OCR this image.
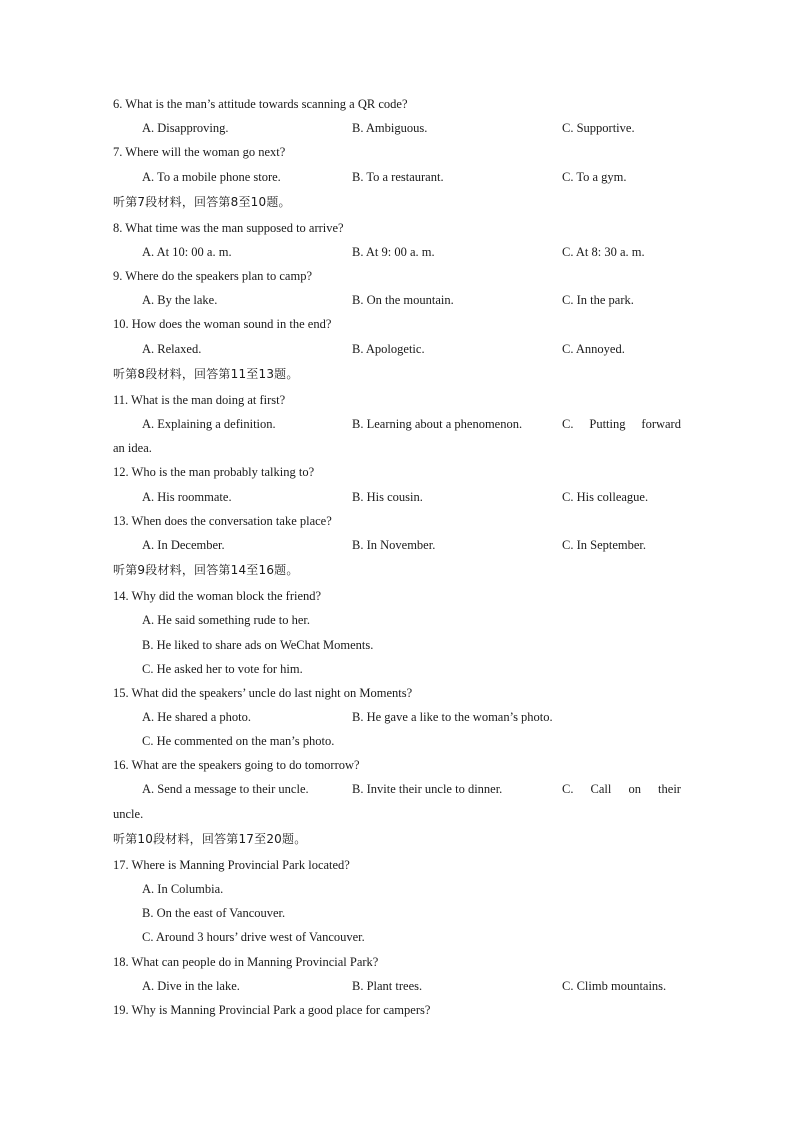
6. What is the man’s attitude towards scanning a QR code?
A. Disapproving.	B. Ambiguous.	C. Supportive.
7. Where will the woman go next?
A. To a mobile phone store.	B. To a restaurant.	C. To a gym.
听第7段材料，回答第8至10题。
8. What time was the man supposed to arrive?
A. At 10: 00 a. m.	B. At 9: 00 a. m.	C. At 8: 30 a. m.
9. Where do the speakers plan to camp?
A. By the lake.	B. On the mountain.	C. In the park.
10. How does the woman sound in the end?
A. Relaxed.	B. Apologetic.	C. Annoyed.
听第8段材料，回答第11至13题。
11. What is the man doing at first?
A. Explaining a definition.	B. Learning about a phenomenon.	C. Putting forward
an idea.
12. Who is the man probably talking to?
A. His roommate.	B. His cousin.	C. His colleague.
13. When does the conversation take place?
A. In December.	B. In November.	C. In September.
听第9段材料，回答第14至16题。
14. Why did the woman block the friend?
A. He said something rude to her.
B. He liked to share ads on WeChat Moments.
C. He asked her to vote for him.
15. What did the speakers’ uncle do last night on Moments?
A. He shared a photo.	B. He gave a like to the woman’s photo.
C. He commented on the man’s photo.
16. What are the speakers going to do tomorrow?
A. Send a message to their uncle.	B. Invite their uncle to dinner.	C. Call on their
uncle.
听第10段材料，回答第17至20题。
17. Where is Manning Provincial Park located?
A. In Columbia.
B. On the east of Vancouver.
C. Around 3 hours’ drive west of Vancouver.
18. What can people do in Manning Provincial Park?
A. Dive in the lake.	B. Plant trees.	C. Climb mountains.
19. Why is Manning Provincial Park a good place for campers?
